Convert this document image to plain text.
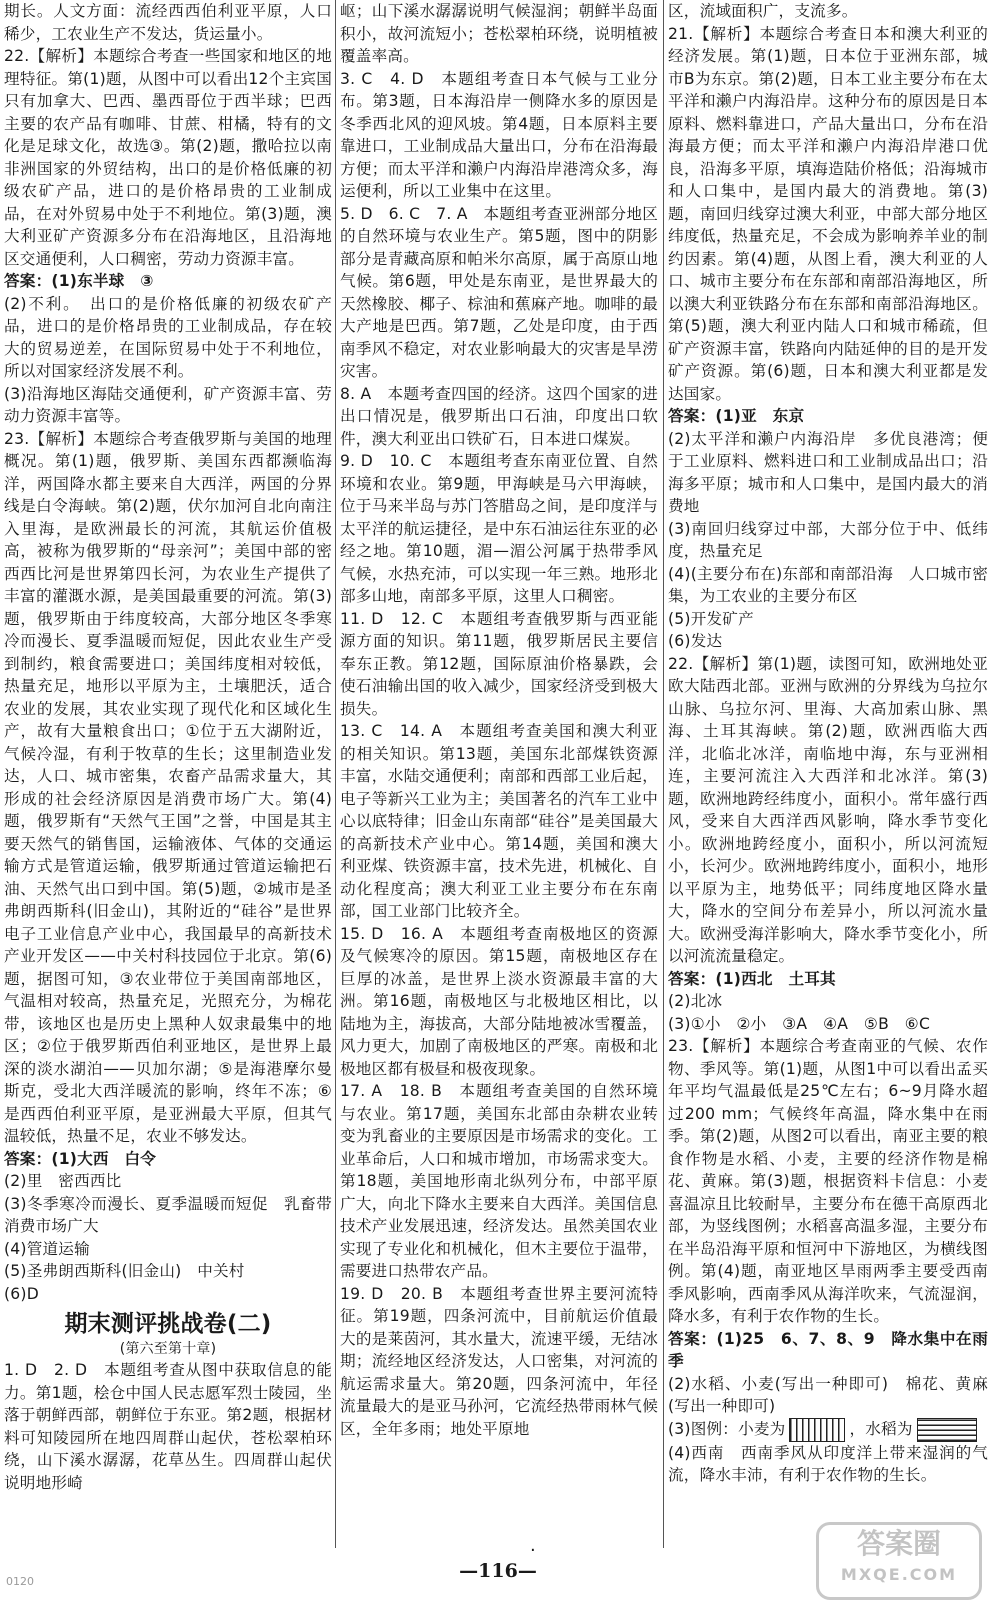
期长。人文方面：流经西西伯利亚平原，人口稀少，工农业生产不发达，货运量小。
22.【解析】本题综合考查一些国家和地区的地理特征。第(1)题，从图中可以看出12个主宾国只有加拿大、巴西、墨西哥位于西半球；巴西主要的农产品有咖啡、甘蔗、柑橘，特有的文化是足球文化，故选③。第(2)题，撒哈拉以南非洲国家的外贸结构，出口的是价格低廉的初级农矿产品，进口的是价格昂贵的工业制成品，在对外贸易中处于不利地位。第(3)题，澳大利亚矿产资源多分布在沿海地区，且沿海地区交通便利，人口稠密，劳动力资源丰富。
答案：(1)东半球　③
(2)不利。　出口的是价格低廉的初级农矿产品，进口的是价格昂贵的工业制成品，存在较大的贸易逆差，在国际贸易中处于不利地位，所以对国家经济发展不利。
(3)沿海地区海陆交通便利，矿产资源丰富、劳动力资源丰富等。
23.【解析】本题综合考查俄罗斯与美国的地理概况。第(1)题，俄罗斯、美国东西都濒临海洋，两国降水都主要来自大西洋，两国的分界线是白令海峡。第(2)题，伏尔加河自北向南注入里海，是欧洲最长的河流，其航运价值极高，被称为俄罗斯的“母亲河”；美国中部的密西西比河是世界第四长河，为农业生产提供了丰富的灌溉水源，是美国最重要的河流。第(3)题，俄罗斯由于纬度较高，大部分地区冬季寒冷而漫长、夏季温暖而短促，因此农业生产受到制约，粮食需要进口；美国纬度相对较低，热量充足，地形以平原为主，土壤肥沃，适合农业的发展，其农业实现了现代化和区域化生产，故有大量粮食出口；①位于五大湖附近，气候冷湿，有利于牧草的生长；这里制造业发达，人口、城市密集，农畜产品需求量大，其形成的社会经济原因是消费市场广大。第(4)题，俄罗斯有“天然气王国”之誉，中国是其主要天然气的销售国，运输液体、气体的交通运输方式是管道运输，俄罗斯通过管道运输把石油、天然气出口到中国。第(5)题，②城市是圣弗朗西斯科(旧金山)，其附近的“硅谷”是世界电子工业信息产业中心，我国最早的高新技术产业开发区——中关村科技园位于北京。第(6)题，据图可知，③农业带位于美国南部地区，气温相对较高，热量充足，光照充分，为棉花带，该地区也是历史上黑种人奴隶最集中的地区；②位于俄罗斯西伯利亚地区，是世界上最深的淡水湖泊——贝加尔湖；⑤是海港摩尔曼斯克，受北大西洋暖流的影响，终年不冻；⑥是西西伯利亚平原，是亚洲最大平原，但其气温较低，热量不足，农业不够发达。
答案：(1)大西　白令
(2)里　密西西比
(3)冬季寒冷而漫长、夏季温暖而短促　乳畜带　消费市场广大
(4)管道运输
(5)圣弗朗西斯科(旧金山)　中关村
(6)D
期末测评挑战卷(二)
(第六至第十章)
1. D　2. D　本题组考查从图中获取信息的能力。第1题，桧仓中国人民志愿军烈士陵园，坐落于朝鲜西部，朝鲜位于东亚。第2题，根据材料可知陵园所在地四周群山起伏，苍松翠柏环绕，山下溪水潺潺，花草丛生。四周群山起伏说明地形崎
岖；山下溪水潺潺说明气候湿润；朝鲜半岛面积小，故河流短小；苍松翠柏环绕，说明植被覆盖率高。
3. C　4. D　本题组考查日本气候与工业分布。第3题，日本海沿岸一侧降水多的原因是冬季西北风的迎风坡。第4题，日本原料主要靠进口，工业制成品大量出口，分布在沿海最方便；而太平洋和濑户内海沿岸港湾众多，海运便利，所以工业集中在这里。
5. D　6. C　7. A　本题组考查亚洲部分地区的自然环境与农业生产。第5题，图中的阴影部分是青藏高原和帕米尔高原，属于高原山地气候。第6题，甲处是东南亚，是世界最大的天然橡胶、椰子、棕油和蕉麻产地。咖啡的最大产地是巴西。第7题，乙处是印度，由于西南季风不稳定，对农业影响最大的灾害是旱涝灾害。
8. A　本题考查四国的经济。这四个国家的进出口情况是，俄罗斯出口石油，印度出口软件，澳大利亚出口铁矿石，日本进口煤炭。
9. D　10. C　本题组考查东南亚位置、自然环境和农业。第9题，甲海峡是马六甲海峡，位于马来半岛与苏门答腊岛之间，是印度洋与太平洋的航运捷径，是中东石油运往东亚的必经之地。第10题，湄—湄公河属于热带季风气候，水热充沛，可以实现一年三熟。地形北部多山地，南部多平原，这里人口稠密。
11. D　12. C　本题组考查俄罗斯与西亚能源方面的知识。第11题，俄罗斯居民主要信奉东正教。第12题，国际原油价格暴跌，会使石油输出国的收入减少，国家经济受到极大损失。
13. C　14. A　本题组考查美国和澳大利亚的相关知识。第13题，美国东北部煤铁资源丰富，水陆交通便利；南部和西部工业后起，电子等新兴工业为主；美国著名的汽车工业中心以底特律；旧金山东南部“硅谷”是美国最大的高新技术产业中心。第14题，美国和澳大利亚煤、铁资源丰富，技术先进，机械化、自动化程度高；澳大利亚工业主要分布在东南部，国工业部门比较齐全。
15. D　16. A　本题组考查南极地区的资源及气候寒冷的原因。第15题，南极地区存在巨厚的冰盖，是世界上淡水资源最丰富的大洲。第16题，南极地区与北极地区相比，以陆地为主，海拔高，大部分陆地被冰雪覆盖，风力更大，加剧了南极地区的严寒。南极和北极地区都有极昼和极夜现象。
17. A　18. B　本题组考查美国的自然环境与农业。第17题，美国东北部由杂耕农业转变为乳畜业的主要原因是市场需求的变化。工业革命后，人口和城市增加，市场需求变大。第18题，美国地形南北纵列分布，中部平原广大，向北下降水主要来自大西洋。美国信息技术产业发展迅速，经济发达。虽然美国农业实现了专业化和机械化，但木主要位于温带，需要进口热带农产品。
19. D　20. B　本题组考查世界主要河流特征。第19题，四条河流中，目前航运价值最大的是莱茵河，其水量大，流速平缓，无结冰期；流经地区经济发达，人口密集，对河流的航运需求量大。第20题，四条河流中，年径流量最大的是亚马孙河，它流经热带雨林气候区，全年多雨；地处平原地
区，流域面积广，支流多。
21.【解析】本题综合考查日本和澳大利亚的经济发展。第(1)题，日本位于亚洲东部，城市B为东京。第(2)题，日本工业主要分布在太平洋和濑户内海沿岸。这种分布的原因是日本原料、燃料靠进口，产品大量出口，分布在沿海最方便；而太平洋和濑户内海沿岸港口优良，沿海多平原，填海造陆价格低；沿海城市和人口集中，是国内最大的消费地。第(3)题，南回归线穿过澳大利亚，中部大部分地区纬度低，热量充足，不会成为影响养羊业的制约因素。第(4)题，从图上看，澳大利亚的人口、城市主要分布在东部和南部沿海地区，所以澳大利亚铁路分布在东部和南部沿海地区。第(5)题，澳大利亚内陆人口和城市稀疏，但矿产资源丰富，铁路向内陆延伸的目的是开发矿产资源。第(6)题，日本和澳大利亚都是发达国家。
答案：(1)亚　东京
(2)太平洋和濑户内海沿岸　多优良港湾；便于工业原料、燃料进口和工业制成品出口；沿海多平原；城市和人口集中，是国内最大的消费地
(3)南回归线穿过中部，大部分位于中、低纬度，热量充足
(4)(主要分布在)东部和南部沿海　人口城市密集，为工农业的主要分布区
(5)开发矿产
(6)发达
22.【解析】第(1)题，读图可知，欧洲地处亚欧大陆西北部。亚洲与欧洲的分界线为乌拉尔山脉、乌拉尔河、里海、大高加索山脉、黑海、土耳其海峡。第(2)题，欧洲西临大西洋，北临北冰洋，南临地中海，东与亚洲相连，主要河流注入大西洋和北冰洋。第(3)题，欧洲地跨经纬度小，面积小。常年盛行西风，受来自大西洋西风影响，降水季节变化小。欧洲地跨经度小，面积小，所以河流短小，长河少。欧洲地跨纬度小，面积小，地形以平原为主，地势低平；同纬度地区降水量大，降水的空间分布差异小，所以河流水量大。欧洲受海洋影响大，降水季节变化小，所以河流流量稳定。
答案：(1)西北　土耳其
(2)北冰
(3)①小　②小　③A　④A　⑤B　⑥C
23.【解析】本题综合考查南亚的气候、农作物、季风等。第(1)题，从图1中可以看出孟买年平均气温最低是25℃左右；6~9月降水超过200 mm；气候终年高温，降水集中在雨季。第(2)题，从图2可以看出，南亚主要的粮食作物是水稻、小麦，主要的经济作物是棉花、黄麻。第(3)题，根据资料卡信息：小麦喜温凉且比较耐旱，主要分布在德干高原西北部，为竖线图例；水稻喜高温多湿，主要分布在半岛沿海平原和恒河中下游地区，为横线图例。第(4)题，南亚地区旱雨两季主要受西南季风影响，西南季风从海洋吹来，气流湿润，降水多，有利于农作物的生长。
答案：(1)25　6、7、8、9　降水集中在雨季
(2)水稻、小麦(写出一种即可)　棉花、黄麻(写出一种即可)
(3)图例：小麦为	，水稻为
(4)西南　西南季风从印度洋上带来湿润的气流，降水丰沛，有利于农作物的生长。
·
—116—
0120
答案圈
MXQE.COM
